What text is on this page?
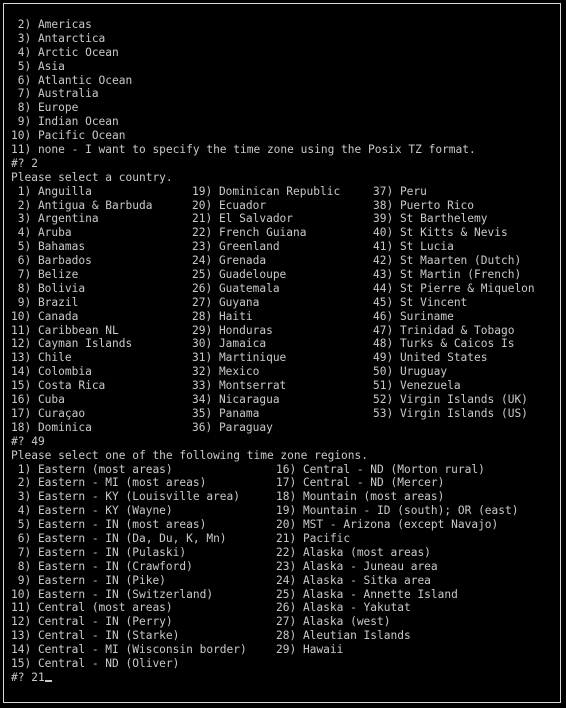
2) Americas
3) Antarctica
4) Arctic Ocean
5) Asia
6) Atlantic Ocean
7) Australia
8) Europe
9) Indian Ocean
10) Pacific Ocean
11) none - I want to specify the time zone using the Posix TZ format.
#? 2
Please select a country.
1) Anguilla	19) Dominican Republic	37) Peru
2) Antigua & Barbuda	20) Ecuador	38) Puerto Rico
3) Argentina	21) El Salvador	39) St Barthelemy
4) Aruba	22) French Guiana	40) St Kitts & Nevis
5) Bahamas	23) Greenland	41) St Lucia
6) Barbados	24) Grenada	42) St Maarten (Dutch)
7) Belize	25) Guadeloupe	43) St Martin (French)
8) Bolivia	26) Guatemala	44) St Pierre & Miquelon
9) Brazil	27) Guyana	45) St Vincent
10) Canada	28) Haiti	46) Suriname
11) Caribbean NL	29) Honduras	47) Trinidad & Tobago
12) Cayman Islands	30) Jamaica	48) Turks & Caicos Is
13) Chile	31) Martinique	49) United States
14) Colombia	32) Mexico	50) Uruguay
15) Costa Rica	33) Montserrat	51) Venezuela
16) Cuba	34) Nicaragua	52) Virgin Islands (UK)
17) Curaçao	35) Panama	53) Virgin Islands (US)
18) Dominica	36) Paraguay
#? 49
Please select one of the following time zone regions.
1) Eastern (most areas)	16) Central - ND (Morton rural)
2) Eastern - MI (most areas)	17) Central - ND (Mercer)
3) Eastern - KY (Louisville area)	18) Mountain (most areas)
4) Eastern - KY (Wayne)	19) Mountain - ID (south); OR (east)
5) Eastern - IN (most areas)	20) MST - Arizona (except Navajo)
6) Eastern - IN (Da, Du, K, Mn)	21) Pacific
7) Eastern - IN (Pulaski)	22) Alaska (most areas)
8) Eastern - IN (Crawford)	23) Alaska - Juneau area
9) Eastern - IN (Pike)	24) Alaska - Sitka area
10) Eastern - IN (Switzerland)	25) Alaska - Annette Island
11) Central (most areas)	26) Alaska - Yakutat
12) Central - IN (Perry)	27) Alaska (west)
13) Central - IN (Starke)	28) Aleutian Islands
14) Central - MI (Wisconsin border)	29) Hawaii
15) Central - ND (Oliver)
#? 21
